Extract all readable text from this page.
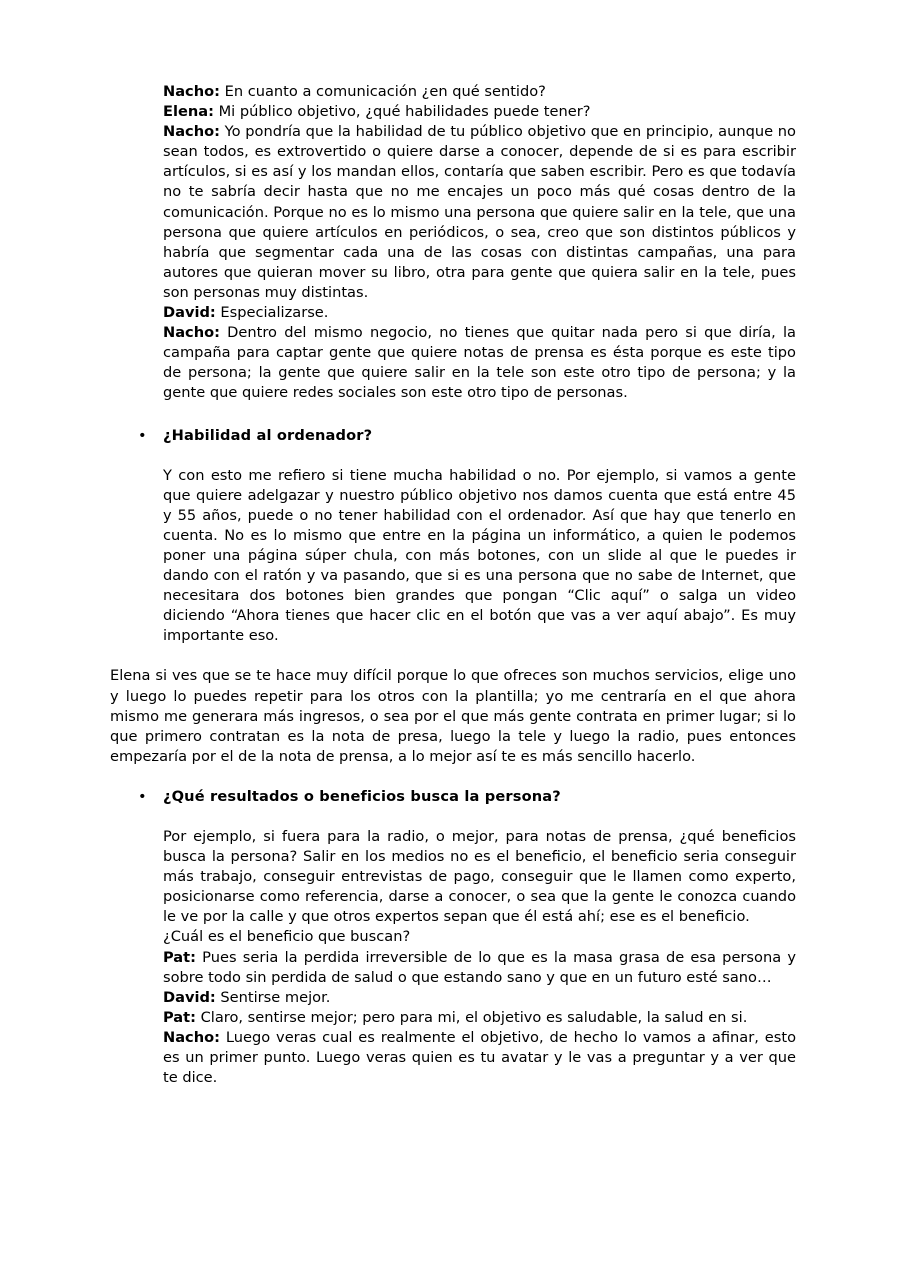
Nacho: En cuanto a comunicación ¿en qué sentido?

Elena: Mi público objetivo, ¿qué habilidades puede tener?

Nacho: Yo pondría que la habilidad de tu público objetivo que en principio, aunque no sean todos, es extrovertido o quiere darse a conocer, depende de si es para escribir artículos, si es así y los mandan ellos, contaría que saben escribir. Pero es que todavía no te sabría decir hasta que no me encajes un poco más qué cosas dentro de la comunicación. Porque no es lo mismo una persona que quiere salir en la tele, que una persona que quiere artículos en periódicos, o sea, creo que son distintos públicos y habría que segmentar cada una de las cosas con distintas campañas, una para autores que quieran mover su libro, otra para gente que quiera salir en la tele, pues son personas muy distintas.

David: Especializarse.

Nacho: Dentro del mismo negocio, no tienes que quitar nada pero si que diría, la campaña para captar gente que quiere notas de prensa es ésta porque es este tipo de persona; la gente que quiere salir en la tele son este otro tipo de persona; y la gente que quiere redes sociales son este otro tipo de personas.

•	¿Habilidad al ordenador?

Y con esto me refiero si tiene mucha habilidad o no. Por ejemplo, si vamos a gente que quiere adelgazar y nuestro público objetivo nos damos cuenta que está entre 45 y 55 años, puede o no tener habilidad con el ordenador. Así que hay que tenerlo en cuenta. No es lo mismo que entre en la página un informático, a quien le podemos poner una página súper chula, con más botones, con un slide al que le puedes ir dando con el ratón y va pasando, que si es una persona que no sabe de Internet, que necesitara dos botones bien grandes que pongan “Clic aquí” o salga un video diciendo “Ahora tienes que hacer clic en el botón que vas a ver aquí abajo”. Es muy importante eso.

Elena si ves que se te hace muy difícil porque lo que ofreces son muchos servicios, elige uno y luego lo puedes repetir para los otros con la plantilla; yo me centraría en el que ahora mismo me generara más ingresos, o sea por el que más gente contrata en primer lugar; si lo que primero contratan es la nota de presa, luego la tele y luego la radio, pues entonces empezaría por el de la nota de prensa, a lo mejor así te es más sencillo hacerlo.

•	¿Qué resultados o beneficios busca la persona?

Por ejemplo, si fuera para la radio, o mejor, para notas de prensa, ¿qué beneficios busca la persona? Salir en los medios no es el beneficio, el beneficio seria conseguir más trabajo, conseguir entrevistas de pago, conseguir que le llamen como experto, posicionarse como referencia, darse a conocer, o sea que la gente le conozca cuando le ve por la calle y que otros expertos sepan que él está ahí; ese es el beneficio.

¿Cuál es el beneficio que buscan?

Pat: Pues seria la perdida irreversible de lo que es la masa grasa de esa persona y sobre todo sin perdida de salud o que estando sano y que en un futuro esté sano…

David: Sentirse mejor.

Pat: Claro, sentirse mejor; pero para mi, el objetivo es saludable, la salud en si.

Nacho: Luego veras cual es realmente el objetivo, de hecho lo vamos a afinar, esto es un primer punto. Luego veras quien es tu avatar y le vas a preguntar y a ver que te dice.
